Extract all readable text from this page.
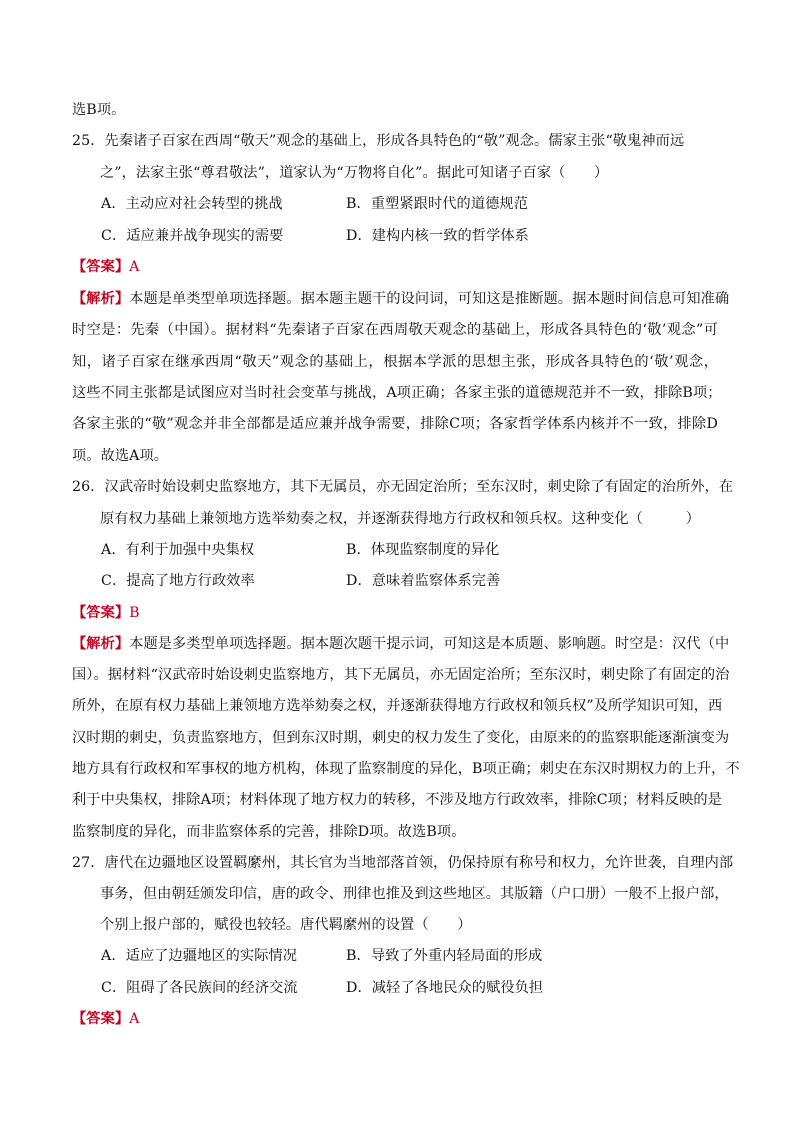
选B项。
25．先秦诸子百家在西周“敬天”观念的基础上，形成各具特色的“敬”观念。儒家主张“敬鬼神而远
之”，法家主张“尊君敬法”，道家认为“万物将自化”。据此可知诸子百家（　　）
A．主动应对社会转型的挑战	B．重塑紧跟时代的道德规范
C．适应兼并战争现实的需要	D．建构内核一致的哲学体系
【答案】A
【解析】本题是单类型单项选择题。据本题主题干的设问词，可知这是推断题。据本题时间信息可知准确
时空是：先秦（中国）。据材料“先秦诸子百家在西周敬天观念的基础上，形成各具特色的‘敬’观念”可
知，诸子百家在继承西周“敬天”观念的基础上，根据本学派的思想主张，形成各具特色的‘敬’观念，
这些不同主张都是试图应对当时社会变革与挑战，A项正确；各家主张的道德规范并不一致，排除B项；
各家主张的“敬”观念并非全部都是适应兼并战争需要，排除C项；各家哲学体系内核并不一致，排除D
项。故选A项。
26．汉武帝时始设刺史监察地方，其下无属员，亦无固定治所；至东汉时，刺史除了有固定的治所外，在
原有权力基础上兼领地方选举劾奏之权，并逐渐获得地方行政权和领兵权。这种变化（　　　）
A．有利于加强中央集权	B．体现监察制度的异化
C．提高了地方行政效率	D．意味着监察体系完善
【答案】B
【解析】本题是多类型单项选择题。据本题次题干提示词，可知这是本质题、影响题。时空是：汉代（中
国）。据材料“汉武帝时始设刺史监察地方，其下无属员，亦无固定治所；至东汉时，刺史除了有固定的治
所外，在原有权力基础上兼领地方选举劾奏之权，并逐渐获得地方行政权和领兵权”及所学知识可知，西
汉时期的刺史，负责监察地方，但到东汉时期，刺史的权力发生了变化，由原来的的监察职能逐渐演变为
地方具有行政权和军事权的地方机构，体现了监察制度的异化，B项正确；刺史在东汉时期权力的上升，不
利于中央集权，排除A项；材料体现了地方权力的转移，不涉及地方行政效率，排除C项；材料反映的是
监察制度的异化，而非监察体系的完善，排除D项。故选B项。
27．唐代在边疆地区设置羁縻州，其长官为当地部落首领，仍保持原有称号和权力，允许世袭，自理内部
事务，但由朝廷颁发印信，唐的政令、刑律也推及到这些地区。其版籍（户口册）一般不上报户部，
个别上报户部的，赋役也较轻。唐代羁縻州的设置（　　）
A．适应了边疆地区的实际情况	B．导致了外重内轻局面的形成
C．阻碍了各民族间的经济交流	D．减轻了各地民众的赋役负担
【答案】A
